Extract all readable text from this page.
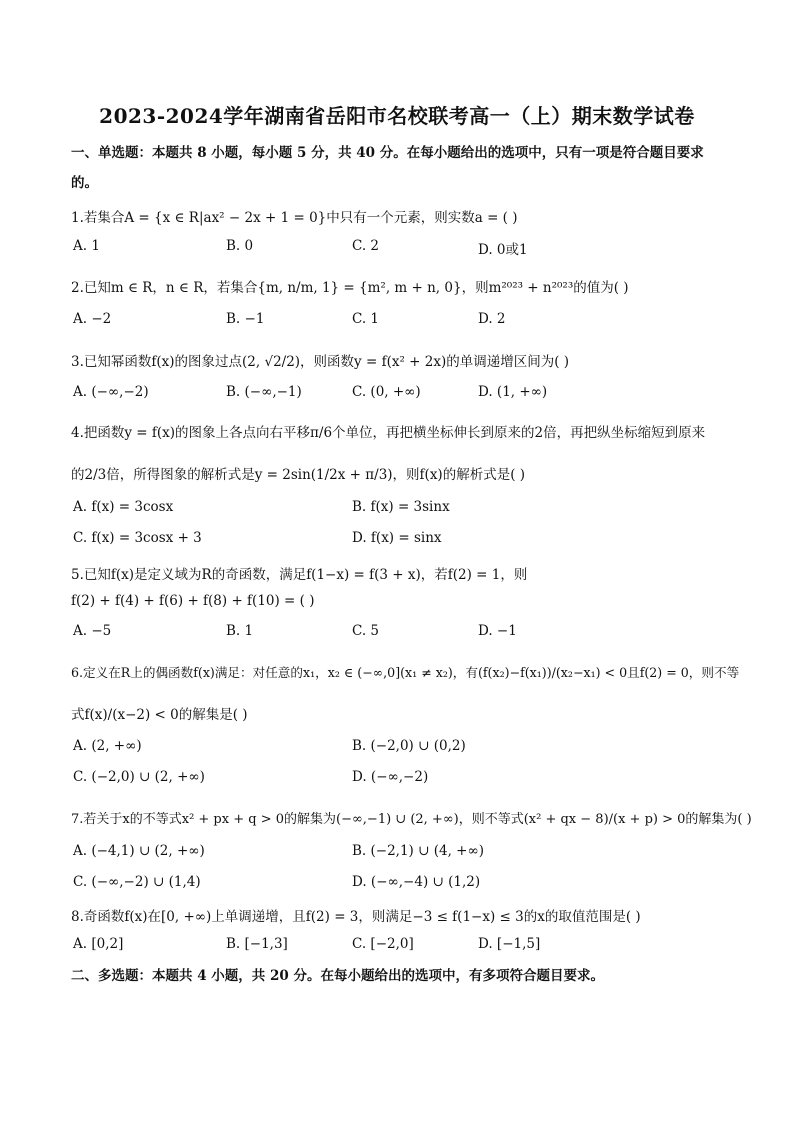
2023-2024学年湖南省岳阳市名校联考高一（上）期末数学试卷
一、单选题：本题共 8 小题，每小题 5 分，共 40 分。在每小题给出的选项中，只有一项是符合题目要求
的。
1.若集合A = {x ∈ R|ax² − 2x + 1 = 0}中只有一个元素，则实数a = ( )
A. 1	B. 0	C. 2	D. 0或1
2.已知m ∈ R，n ∈ R，若集合{m, n/m, 1} = {m², m + n, 0}，则m²⁰²³ + n²⁰²³的值为( )
A. −2	B. −1	C. 1	D. 2
3.已知幂函数f(x)的图象过点(2, √2/2)，则函数y = f(x² + 2x)的单调递增区间为( )
A. (−∞,−2)	B. (−∞,−1)	C. (0, +∞)	D. (1, +∞)
4.把函数y = f(x)的图象上各点向右平移π/6个单位，再把横坐标伸长到原来的2倍，再把纵坐标缩短到原来
的2/3倍，所得图象的解析式是y = 2sin(1/2x + π/3)，则f(x)的解析式是( )
A. f(x) = 3cosx	B. f(x) = 3sinx
C. f(x) = 3cosx + 3	D. f(x) = sinx
5.已知f(x)是定义域为R的奇函数，满足f(1−x) = f(3 + x)，若f(2) = 1，则
f(2) + f(4) + f(6) + f(8) + f(10) = ( )
A. −5	B. 1	C. 5	D. −1
6.定义在R上的偶函数f(x)满足：对任意的x₁，x₂ ∈ (−∞,0](x₁ ≠ x₂)，有(f(x₂)−f(x₁))/(x₂−x₁) < 0且f(2) = 0，则不等
式f(x)/(x−2) < 0的解集是( )
A. (2, +∞)	B. (−2,0) ∪ (0,2)
C. (−2,0) ∪ (2, +∞)	D. (−∞,−2)
7.若关于x的不等式x² + px + q > 0的解集为(−∞,−1) ∪ (2, +∞)，则不等式(x² + qx − 8)/(x + p) > 0的解集为( )
A. (−4,1) ∪ (2, +∞)	B. (−2,1) ∪ (4, +∞)
C. (−∞,−2) ∪ (1,4)	D. (−∞,−4) ∪ (1,2)
8.奇函数f(x)在[0, +∞)上单调递增，且f(2) = 3，则满足−3 ≤ f(1−x) ≤ 3的x的取值范围是( )
A. [0,2]	B. [−1,3]	C. [−2,0]	D. [−1,5]
二、多选题：本题共 4 小题，共 20 分。在每小题给出的选项中，有多项符合题目要求。
